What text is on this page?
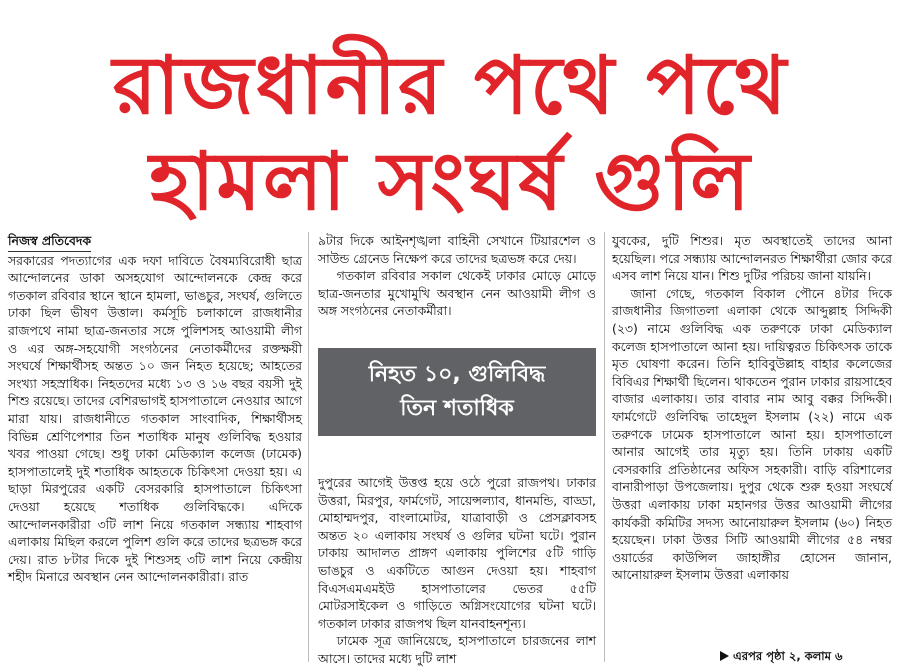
রাজধানীর পথে পথে
হামলা সংঘর্ষ গুলি
নিজস্ব প্রতিবেদক

সরকারের পদত্যাগের এক দফা দাবিতে বৈষম্যবিরোধী ছাত্র আন্দোলনের ডাকা অসহযোগ আন্দোলনকে কেন্দ্র করে গতকাল রবিবার স্থানে স্থানে হামলা, ভাঙচুর, সংঘর্ষ, গুলিতে ঢাকা ছিল ভীষণ উত্তাল। কর্মসূচি চলাকালে রাজধানীর রাজপথে নামা ছাত্র-জনতার সঙ্গে পুলিশসহ আওয়ামী লীগ ও এর অঙ্গ-সহযোগী সংগঠনের নেতাকর্মীদের রক্তক্ষয়ী সংঘর্ষে শিক্ষার্থীসহ অন্তত ১০ জন নিহত হয়েছে; আহতের সংখ্যা সহস্রাধিক। নিহতদের মধ্যে ১৩ ও ১৬ বছর বয়সী দুই শিশু রয়েছে। তাদের বেশিরভাগই হাসপাতালে নেওয়ার আগে মারা যায়। রাজধানীতে গতকাল সাংবাদিক, শিক্ষার্থীসহ বিভিন্ন শ্রেণিপেশার তিন শতাধিক মানুষ গুলিবিদ্ধ হওয়ার খবর পাওয়া গেছে। শুধু ঢাকা মেডিক্যাল কলেজ (ঢামেক) হাসপাতালেই দুই শতাধিক আহতকে চিকিৎসা দেওয়া হয়। এ ছাড়া মিরপুরের একটি বেসরকারি হাসপাতালে চিকিৎসা দেওয়া হয়েছে শতাধিক গুলিবিদ্ধকে। এদিকে আন্দোলনকারীরা ৩টি লাশ নিয়ে গতকাল সন্ধ্যায় শাহবাগ এলাকায় মিছিল করলে পুলিশ গুলি করে তাদের ছত্রভঙ্গ করে দেয়। রাত ৮টার দিকে দুই শিশুসহ ৩টি লাশ নিয়ে কেন্দ্রীয় শহীদ মিনারে অবস্থান নেন আন্দোলনকারীরা। রাত

৯টার দিকে আইনশৃঙ্খলা বাহিনী সেখানে টিয়ারশেল ও সাউন্ড গ্রেনেড নিক্ষেপ করে তাদের ছত্রভঙ্গ করে দেয়।

গতকাল রবিবার সকাল থেকেই ঢাকার মোড়ে মোড়ে ছাত্র-জনতার মুখোমুখি অবস্থান নেন আওয়ামী লীগ ও অঙ্গ সংগঠনের নেতাকর্মীরা।

দুপুরের আগেই উত্তপ্ত হয়ে ওঠে পুরো রাজপথ। ঢাকার উত্তরা, মিরপুর, ফার্মগেট, সায়েন্সল্যাব, ধানমন্ডি, বাড্ডা, মোহাম্মদপুর, বাংলামোটর, যাত্রাবাড়ী ও প্রেসক্লাবসহ অন্তত ২০ এলাকায় সংঘর্ষ ও গুলির ঘটনা ঘটে। পুরান ঢাকায় আদালত প্রাঙ্গণ এলাকায় পুলিশের ৫টি গাড়ি ভাঙচুর ও একটিতে আগুন দেওয়া হয়। শাহবাগ বিএসএমএমইউ হাসপাতালের ভেতর ৫৫টি মোটরসাইকেল ও গাড়িতে অগ্নিসংযোগের ঘটনা ঘটে। গতকাল ঢাকার রাজপথ ছিল যানবাহনশূন্য।

ঢামেক সূত্র জানিয়েছে, হাসপাতালে চারজনের লাশ আসে। তাদের মধ্যে দুটি লাশ

নিহত ১০, গুলিবিদ্ধ
তিন শতাধিক

যুবকের, দুটি শিশুর। মৃত অবস্থাতেই তাদের আনা হয়েছিল। পরে সন্ধ্যায় আন্দোলনরত শিক্ষার্থীরা জোর করে এসব লাশ নিয়ে যান। শিশু দুটির পরিচয় জানা যায়নি।

জানা গেছে, গতকাল বিকাল পৌনে ৪টার দিকে রাজধানীর জিগাতলা এলাকা থেকে আব্দুল্লাহ সিদ্দিকী (২৩) নামে গুলিবিদ্ধ এক তরুণকে ঢাকা মেডিক্যাল কলেজ হাসপাতালে আনা হয়। দায়িত্বরত চিকিৎসক তাকে মৃত ঘোষণা করেন। তিনি হাবিবুউল্লাহ বাহার কলেজের বিবিএর শিক্ষার্থী ছিলেন। থাকতেন পুরান ঢাকার রায়সাহেব বাজার এলাকায়। তার বাবার নাম আবু বক্কর সিদ্দিকী। ফার্মগেটে গুলিবিদ্ধ তাহেদুল ইসলাম (২২) নামে এক তরুণকে ঢামেক হাসপাতালে আনা হয়। হাসপাতালে আনার আগেই তার মৃত্যু হয়। তিনি ঢাকায় একটি বেসরকারি প্রতিষ্ঠানের অফিস সহকারী। বাড়ি বরিশালের বানারীপাড়া উপজেলায়। দুপুর থেকে শুরু হওয়া সংঘর্ষে উত্তরা এলাকায় ঢাকা মহানগর উত্তর আওয়ামী লীগের কার্যকরী কমিটির সদস্য আনোয়ারুল ইসলাম (৬০) নিহত হয়েছেন। ঢাকা উত্তর সিটি আওয়ামী লীগের ৫৪ নম্বর ওয়ার্ডের কাউন্সিল জাহাঙ্গীর হোসেন জানান, আনোয়ারুল ইসলাম উত্তরা এলাকায়

এরপর পৃষ্ঠা ২, কলাম ৬
